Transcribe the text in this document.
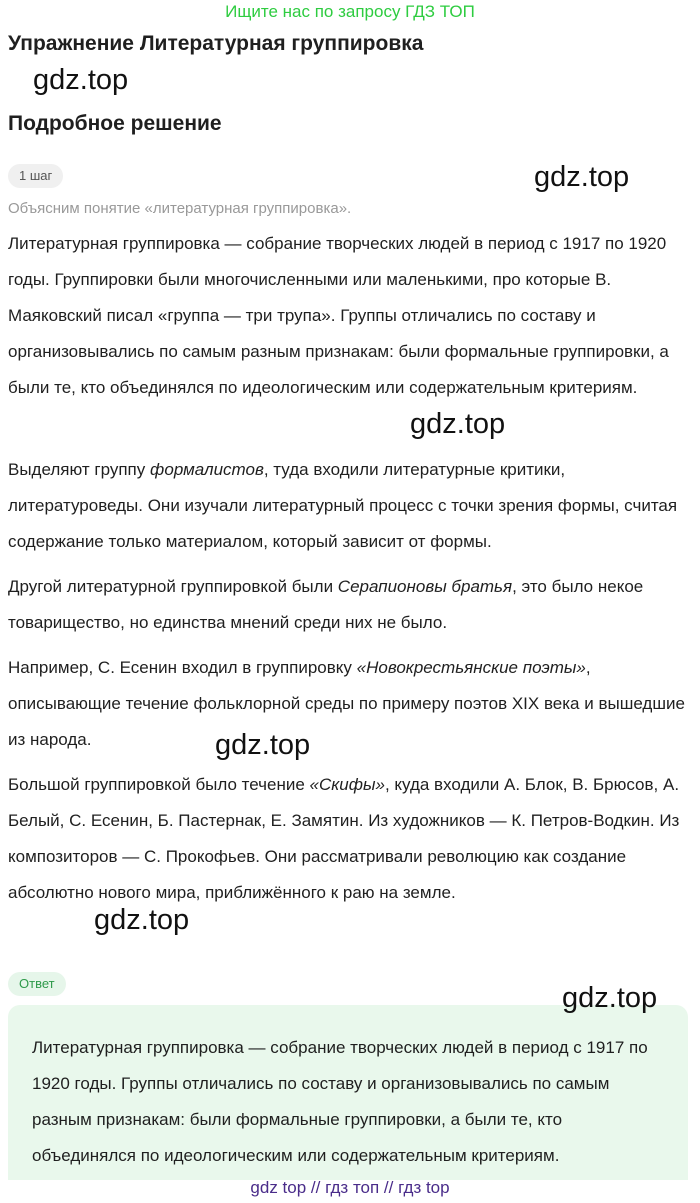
Ищите нас по запросу ГДЗ ТОП
Упражнение Литературная группировка
gdz.top
Подробное решение
1 шаг	gdz.top
Объясним понятие «литературная группировка».
Литературная группировка — собрание творческих людей в период с 1917 по 1920 годы. Группировки были многочисленными или маленькими, про которые В. Маяковский писал «группа — три трупа». Группы отличались по составу и организовывались по самым разным признакам: были формальные группировки, а были те, кто объединялся по идеологическим или содержательным критериям.
gdz.top
Выделяют группу формалистов, туда входили литературные критики, литературоведы. Они изучали литературный процесс с точки зрения формы, считая содержание только материалом, который зависит от формы.
Другой литературной группировкой были Серапионовы братья, это было некое товарищество, но единства мнений среди них не было.
Например, С. Есенин входил в группировку «Новокрестьянские поэты», описывающие течение фольклорной среды по примеру поэтов XIX века и вышедшие из народа.	gdz.top
Большой группировкой было течение «Скифы», куда входили А. Блок, В. Брюсов, А. Белый, С. Есенин, Б. Пастернак, Е. Замятин. Из художников — К. Петров-Водкин. Из композиторов — С. Прокофьев. Они рассматривали революцию как создание абсолютно нового мира, приближённого к раю на земле.
gdz.top
Ответ	gdz.top
Литературная группировка — собрание творческих людей в период с 1917 по 1920 годы. Группы отличались по составу и организовывались по самым разным признакам: были формальные группировки, а были те, кто объединялся по идеологическим или содержательным критериям.
gdz top // гдз топ // гдз top
